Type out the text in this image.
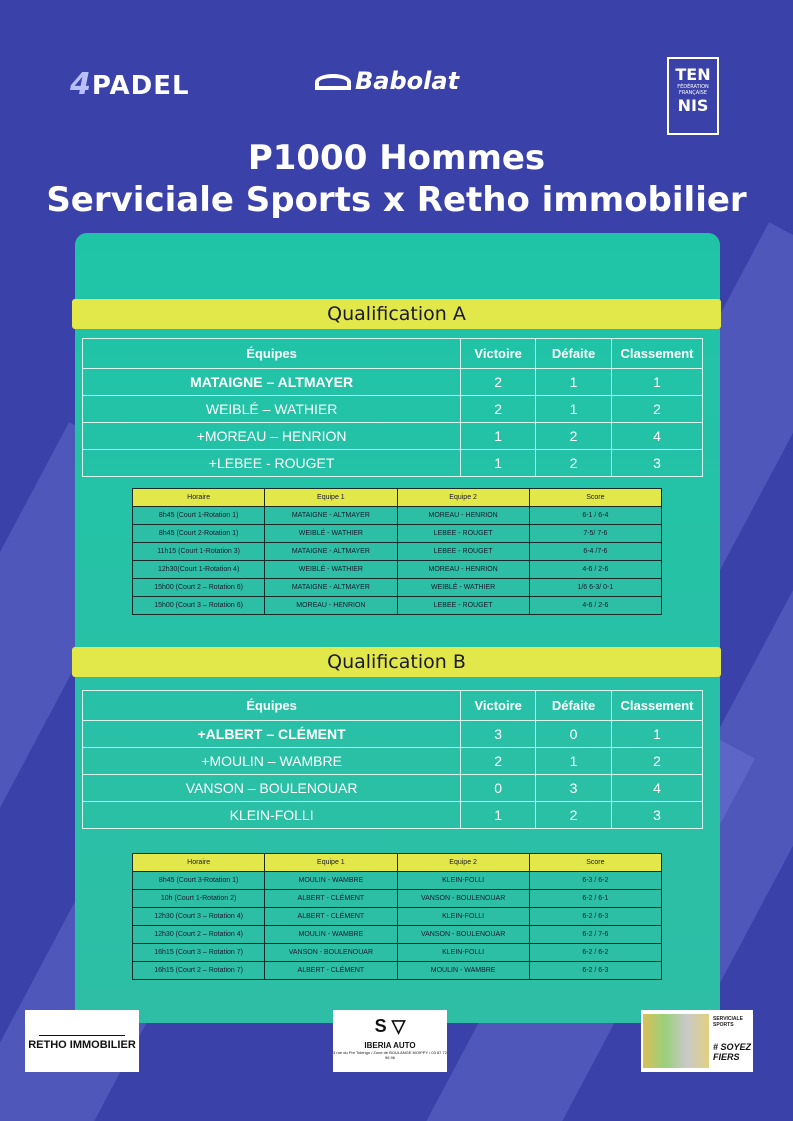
4PADEL	Babolat	TEN
FÉDÉRATION
FRANÇAISE
NIS
P1000 Hommes
Serviciale Sports x Retho immobilier
Qualification A
Équipes	Victoire	Défaite	Classement
MATAIGNE – ALTMAYER	2	1	1
WEIBLÉ – WATHIER	2	1	2
+MOREAU – HENRION	1	2	4
+LEBEE - ROUGET	1	2	3
Horaire	Equipe 1	Equipe 2	Score
8h45 (Court 1-Rotation 1)	MATAIGNE - ALTMAYER	MOREAU - HENRION	6-1 / 6-4
8h45 (Court 2-Rotation 1)	WEIBLÉ - WATHIER	LEBEE - ROUGET	7-5/ 7-6
11h15 (Court 1-Rotation 3)	MATAIGNE - ALTMAYER	LEBEE - ROUGET	6-4 /7-6
12h30(Court 1-Rotation 4)	WEIBLÉ - WATHIER	MOREAU - HENRION	4-6 / 2-6
15h00 (Court 2 – Rotation 6)	MATAIGNE - ALTMAYER	WEIBLÉ - WATHIER	1/6 6-3/ 0-1
15h00 (Court 3 – Rotation 6)	MOREAU - HENRION	LEBEE - ROUGET	4-6 / 2-6
Qualification B
Équipes	Victoire	Défaite	Classement
+ALBERT – CLÉMENT	3	0	1
+MOULIN – WAMBRE	2	1	2
VANSON – BOULENOUAR	0	3	4
KLEIN-FOLLI	1	2	3
Horaire	Equipe 1	Equipe 2	Score
8h45 (Court 3-Rotation 1)	MOULIN - WAMBRE	KLEIN-FOLLI	6-3 / 6-2
10h (Court 1-Rotation 2)	ALBERT - CLÉMENT	VANSON - BOULENOUAR	6-2 / 6-1
12h30 (Court 3 – Rotation 4)	ALBERT - CLÉMENT	KLEIN-FOLLI	6-2 / 6-3
12h30 (Court 2 – Rotation 4)	MOULIN - WAMBRE	VANSON - BOULENOUAR	6-2 / 7-6
16h15 (Court 3 – Rotation 7)	VANSON - BOULENOUAR	KLEIN-FOLLI	6-2 / 6-2
16h15 (Court 2 – Rotation 7)	ALBERT - CLÉMENT	MOULIN - WAMBRE	6-2 / 6-3
RETHO IMMOBILIER
S ▽
IBERIA AUTO
3 rue du Pré Tolengo / Zone de BOULANGE MOIPPY / 03 87 72 96 96
SERVICIALE SPORTS
# SOYEZ FIERS
